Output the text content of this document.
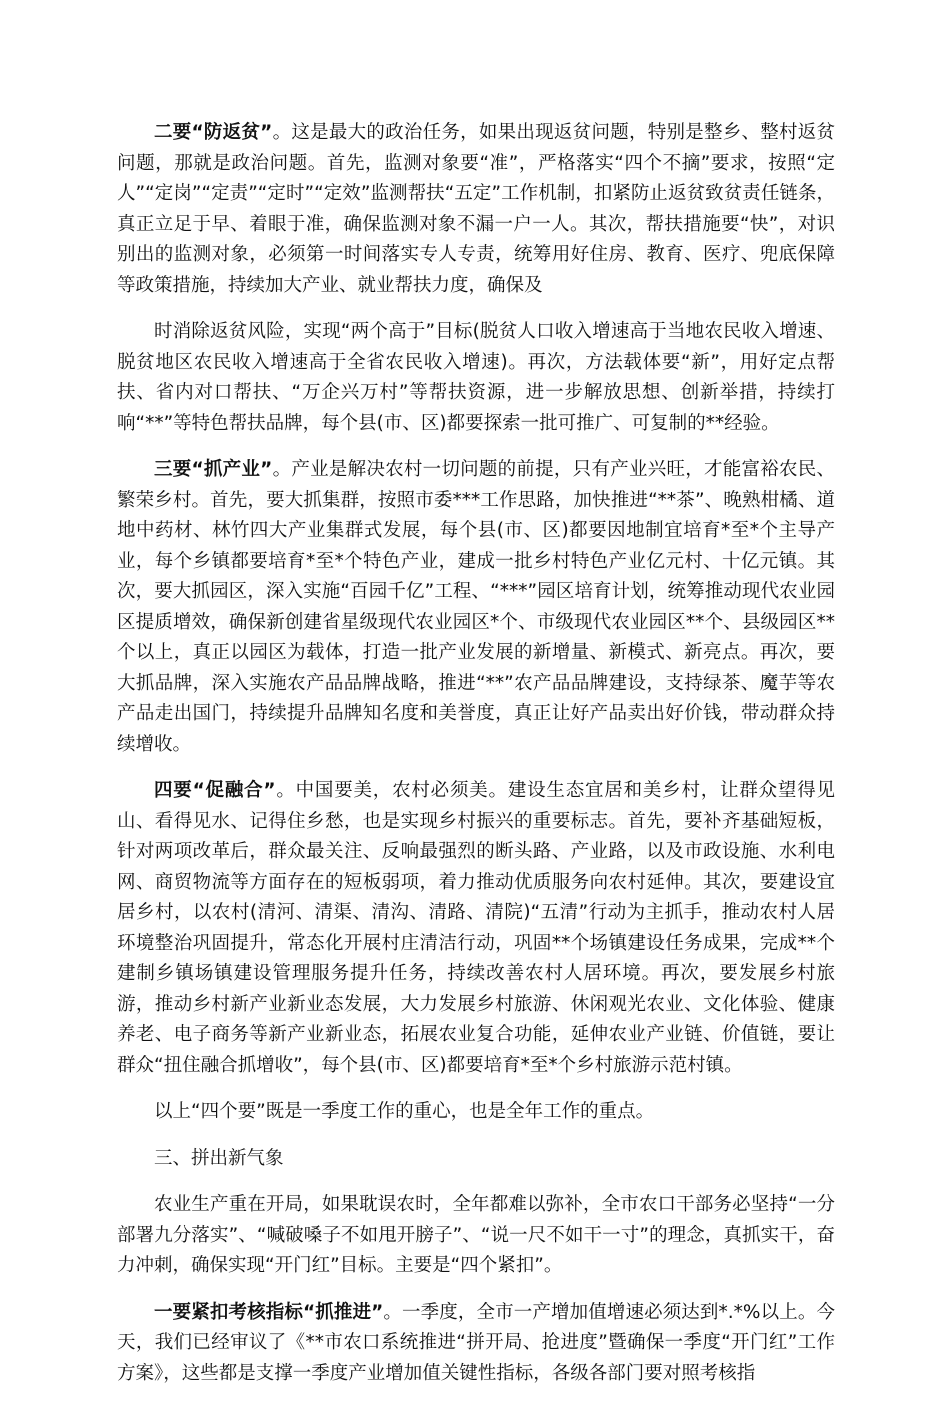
二要“防返贫”。这是最大的政治任务，如果出现返贫问题，特别是整乡、整村返贫问题，那就是政治问题。首先，监测对象要“准”，严格落实“四个不摘”要求，按照“定人”“定岗”“定责”“定时”“定效”监测帮扶“五定”工作机制，扣紧防止返贫致贫责任链条，真正立足于早、着眼于准，确保监测对象不漏一户一人。其次，帮扶措施要“快”，对识别出的监测对象，必须第一时间落实专人专责，统筹用好住房、教育、医疗、兜底保障等政策措施，持续加大产业、就业帮扶力度，确保及

时消除返贫风险，实现“两个高于”目标(脱贫人口收入增速高于当地农民收入增速、脱贫地区农民收入增速高于全省农民收入增速)。再次，方法载体要“新”，用好定点帮扶、省内对口帮扶、“万企兴万村”等帮扶资源，进一步解放思想、创新举措，持续打响“**”等特色帮扶品牌，每个县(市、区)都要探索一批可推广、可复制的**经验。

三要“抓产业”。产业是解决农村一切问题的前提，只有产业兴旺，才能富裕农民、繁荣乡村。首先，要大抓集群，按照市委***工作思路，加快推进“**茶”、晚熟柑橘、道地中药材、林竹四大产业集群式发展，每个县(市、区)都要因地制宜培育*至*个主导产业，每个乡镇都要培育*至*个特色产业，建成一批乡村特色产业亿元村、十亿元镇。其次，要大抓园区，深入实施“百园千亿”工程、“***”园区培育计划，统筹推动现代农业园区提质增效，确保新创建省星级现代农业园区*个、市级现代农业园区**个、县级园区**个以上，真正以园区为载体，打造一批产业发展的新增量、新模式、新亮点。再次，要大抓品牌，深入实施农产品品牌战略，推进“**”农产品品牌建设，支持绿茶、魔芋等农产品走出国门，持续提升品牌知名度和美誉度，真正让好产品卖出好价钱，带动群众持续增收。

四要“促融合”。中国要美，农村必须美。建设生态宜居和美乡村，让群众望得见山、看得见水、记得住乡愁，也是实现乡村振兴的重要标志。首先，要补齐基础短板，针对两项改革后，群众最关注、反响最强烈的断头路、产业路，以及市政设施、水利电网、商贸物流等方面存在的短板弱项，着力推动优质服务向农村延伸。其次，要建设宜居乡村，以农村(清河、清渠、清沟、清路、清院)“五清”行动为主抓手，推动农村人居环境整治巩固提升，常态化开展村庄清洁行动，巩固**个场镇建设任务成果，完成**个建制乡镇场镇建设管理服务提升任务，持续改善农村人居环境。再次，要发展乡村旅游，推动乡村新产业新业态发展，大力发展乡村旅游、休闲观光农业、文化体验、健康养老、电子商务等新产业新业态，拓展农业复合功能，延伸农业产业链、价值链，要让群众“扭住融合抓增收”，每个县(市、区)都要培育*至*个乡村旅游示范村镇。

以上“四个要”既是一季度工作的重心，也是全年工作的重点。

三、拼出新气象

农业生产重在开局，如果耽误农时，全年都难以弥补，全市农口干部务必坚持“一分部署九分落实”、“喊破嗓子不如甩开膀子”、“说一尺不如干一寸”的理念，真抓实干，奋力冲刺，确保实现“开门红”目标。主要是“四个紧扣”。

一要紧扣考核指标“抓推进”。一季度，全市一产增加值增速必须达到*.*%以上。今天，我们已经审议了《**市农口系统推进“拼开局、抢进度”暨确保一季度“开门红”工作方案》，这些都是支撑一季度产业增加值关键性指标，各级各部门要对照考核指
